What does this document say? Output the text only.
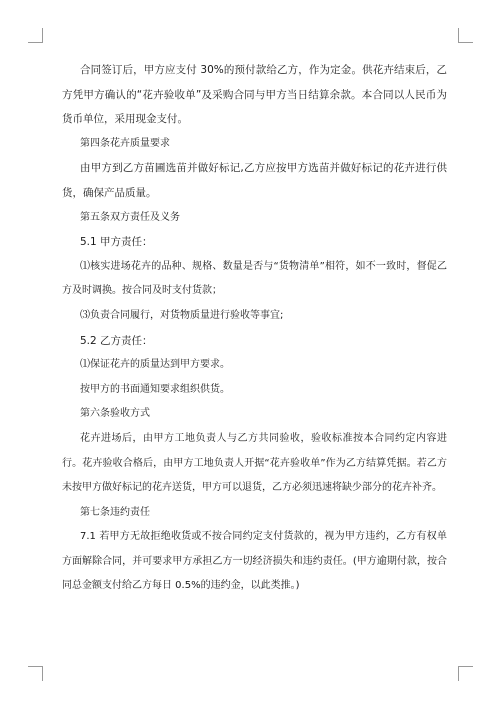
合同签订后，甲方应支付 30%的预付款给乙方，作为定金。供花卉结束后，乙方凭甲方确认的“花卉验收单”及采购合同与甲方当日结算余款。本合同以人民币为货币单位，采用现金支付。

第四条花卉质量要求

由甲方到乙方苗圃选苗并做好标记,乙方应按甲方选苗并做好标记的花卉进行供货，确保产品质量。

第五条双方责任及义务

5.1 甲方责任：

⑴核实进场花卉的品种、规格、数量是否与“货物清单”相符，如不一致时，督促乙方及时调换。按合同及时支付货款；

⑶负责合同履行，对货物质量进行验收等事宜;

5.2 乙方责任：

⑴保证花卉的质量达到甲方要求。

按甲方的书面通知要求组织供货。

第六条验收方式

花卉进场后，由甲方工地负责人与乙方共同验收，验收标准按本合同约定内容进行。花卉验收合格后，由甲方工地负责人开据“花卉验收单”作为乙方结算凭据。若乙方未按甲方做好标记的花卉送货，甲方可以退货，乙方必须迅速将缺少部分的花卉补齐。

第七条违约责任

7.1 若甲方无故拒绝收货或不按合同约定支付货款的，视为甲方违约，乙方有权单方面解除合同，并可要求甲方承担乙方一切经济损失和违约责任。(甲方逾期付款，按合同总金额支付给乙方每日 0.5%的违约金，以此类推。)
